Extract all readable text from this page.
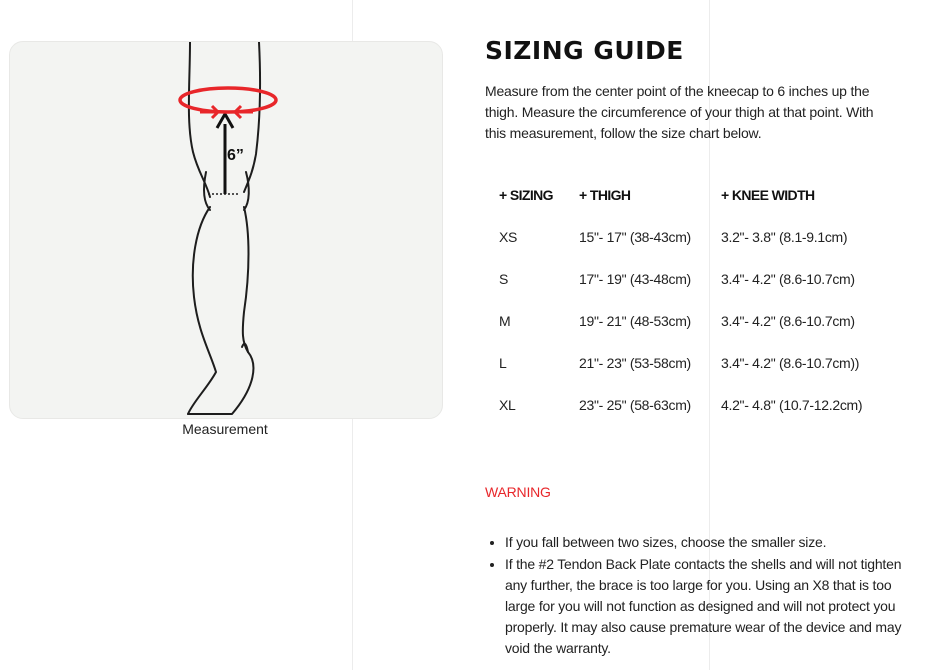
6”
Measurement
SIZING GUIDE

Measure from the center point of the kneecap to 6 inches up the thigh. Measure the circumference of your thigh at that point. With this measurement, follow the size chart below.

+ SIZING	+ THIGH	+ KNEE WIDTH
XS	15"- 17" (38-43cm)	3.2"- 3.8" (8.1-9.1cm)
S	17"- 19" (43-48cm)	3.4"- 4.2" (8.6-10.7cm)
M	19"- 21" (48-53cm)	3.4"- 4.2" (8.6-10.7cm)
L	21"- 23" (53-58cm)	3.4"- 4.2" (8.6-10.7cm))
XL	23"- 25" (58-63cm)	4.2"- 4.8" (10.7-12.2cm)

WARNING

• If you fall between two sizes, choose the smaller size.
• If the #2 Tendon Back Plate contacts the shells and will not tighten any further, the brace is too large for you. Using an X8 that is too large for you will not function as designed and will not protect you properly. It may also cause premature wear of the device and may void the warranty.
